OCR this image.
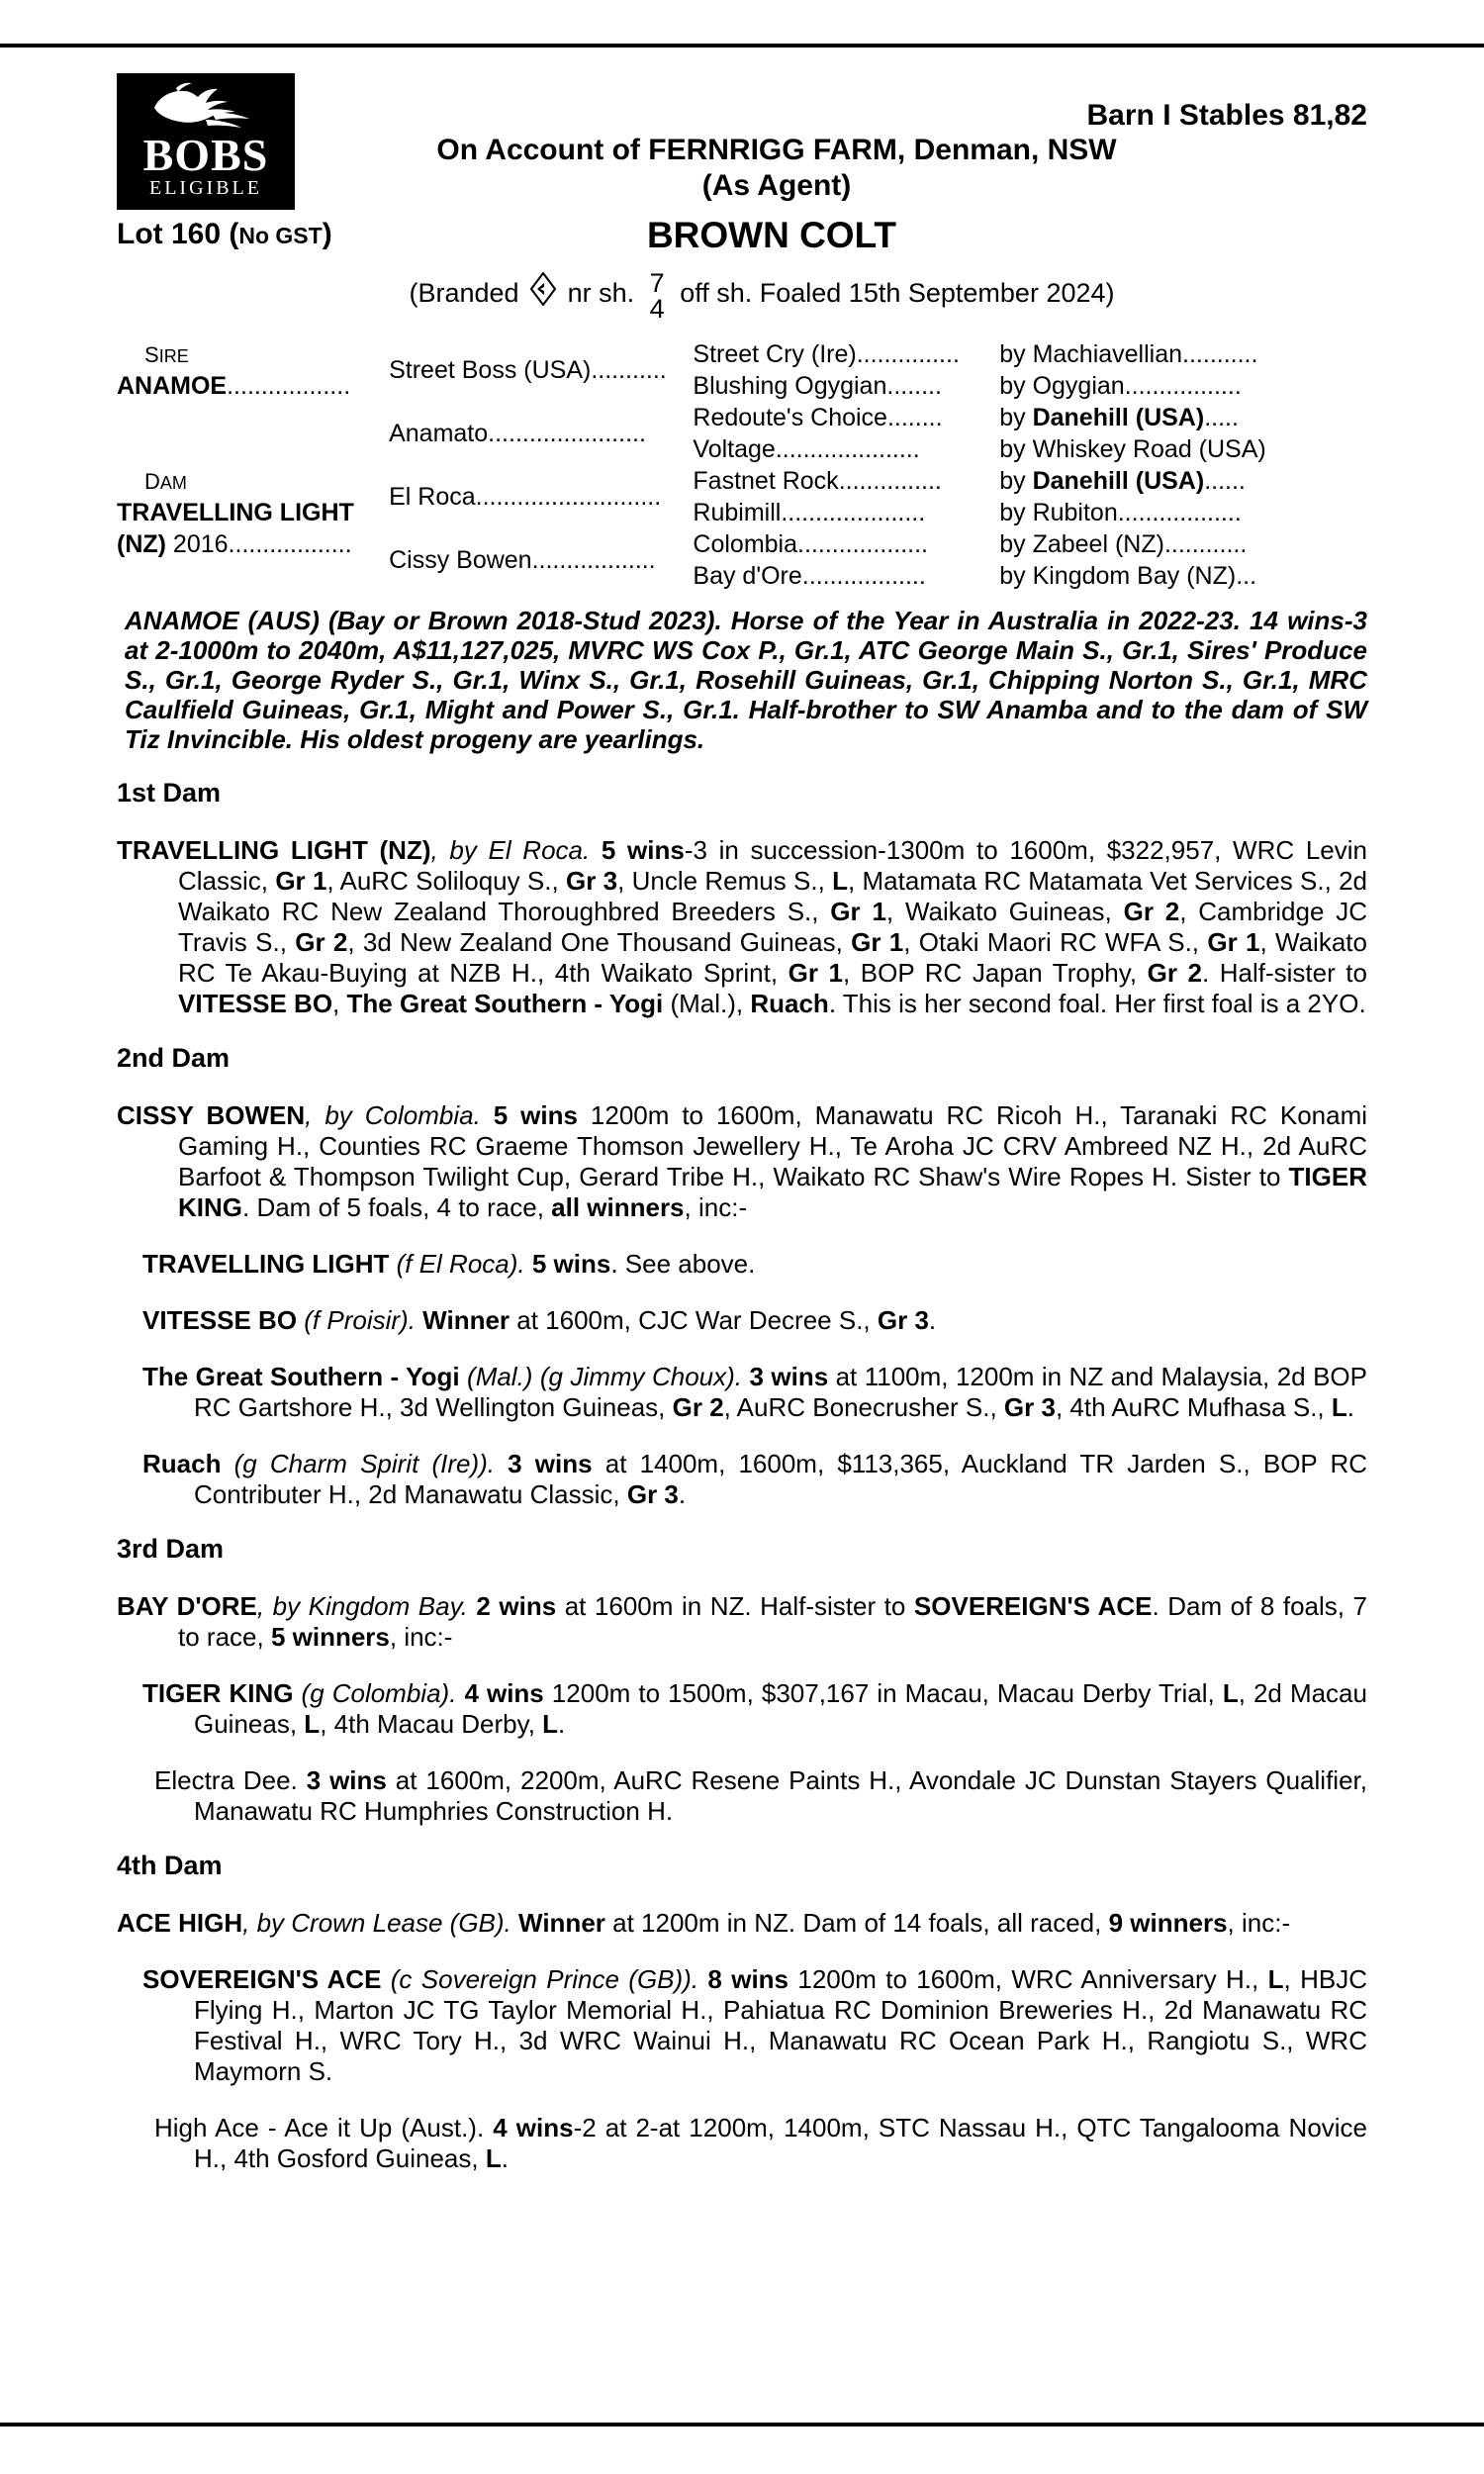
BOBS
ELIGIBLE
Barn I Stables 81,82
On Account of FERNRIGG FARM, Denman, NSW
(As Agent)
Lot 160 (No GST)	BROWN COLT
(Branded nr sh. 7
4
off sh. Foaled 15th September 2024)
SIRE	Street Boss (USA)...........	Street Cry (Ire)...............	by Machiavellian...........
ANAMOE..................		Blushing Ogygian........	by Ogygian.................
	Anamato.......................	Redoute's Choice........	by Danehill (USA).....
		Voltage.....................	by Whiskey Road (USA)
DAM	El Roca...........................	Fastnet Rock...............	by Danehill (USA)......
TRAVELLING LIGHT		Rubimill.....................	by Rubiton..................
(NZ) 2016..................	Cissy Bowen..................	Colombia...................	by Zabeel (NZ)............
		Bay d'Ore..................	by Kingdom Bay (NZ)...
ANAMOE (AUS) (Bay or Brown 2018-Stud 2023). Horse of the Year in Australia in 2022-23. 14 wins-3 at 2-1000m to 2040m, A$11,127,025, MVRC WS Cox P., Gr.1, ATC George Main S., Gr.1, Sires' Produce S., Gr.1, George Ryder S., Gr.1, Winx S., Gr.1, Rosehill Guineas, Gr.1, Chipping Norton S., Gr.1, MRC Caulfield Guineas, Gr.1, Might and Power S., Gr.1. Half-brother to SW Anamba and to the dam of SW Tiz Invincible. His oldest progeny are yearlings.
1st Dam

TRAVELLING LIGHT (NZ), by El Roca. 5 wins-3 in succession-1300m to 1600m, $322,957, WRC Levin Classic, Gr 1, AuRC Soliloquy S., Gr 3, Uncle Remus S., L, Matamata RC Matamata Vet Services S., 2d Waikato RC New Zealand Thoroughbred Breeders S., Gr 1, Waikato Guineas, Gr 2, Cambridge JC Travis S., Gr 2, 3d New Zealand One Thousand Guineas, Gr 1, Otaki Maori RC WFA S., Gr 1, Waikato RC Te Akau-Buying at NZB H., 4th Waikato Sprint, Gr 1, BOP RC Japan Trophy, Gr 2. Half-sister to VITESSE BO, The Great Southern - Yogi (Mal.), Ruach. This is her second foal. Her first foal is a 2YO.

2nd Dam

CISSY BOWEN, by Colombia. 5 wins 1200m to 1600m, Manawatu RC Ricoh H., Taranaki RC Konami Gaming H., Counties RC Graeme Thomson Jewellery H., Te Aroha JC CRV Ambreed NZ H., 2d AuRC Barfoot & Thompson Twilight Cup, Gerard Tribe H., Waikato RC Shaw's Wire Ropes H. Sister to TIGER KING. Dam of 5 foals, 4 to race, all winners, inc:-

TRAVELLING LIGHT (f El Roca). 5 wins. See above.

VITESSE BO (f Proisir). Winner at 1600m, CJC War Decree S., Gr 3.

The Great Southern - Yogi (Mal.) (g Jimmy Choux). 3 wins at 1100m, 1200m in NZ and Malaysia, 2d BOP RC Gartshore H., 3d Wellington Guineas, Gr 2, AuRC Bonecrusher S., Gr 3, 4th AuRC Mufhasa S., L.

Ruach (g Charm Spirit (Ire)). 3 wins at 1400m, 1600m, $113,365, Auckland TR Jarden S., BOP RC Contributer H., 2d Manawatu Classic, Gr 3.

3rd Dam

BAY D'ORE, by Kingdom Bay. 2 wins at 1600m in NZ. Half-sister to SOVEREIGN'S ACE. Dam of 8 foals, 7 to race, 5 winners, inc:-

TIGER KING (g Colombia). 4 wins 1200m to 1500m, $307,167 in Macau, Macau Derby Trial, L, 2d Macau Guineas, L, 4th Macau Derby, L.

Electra Dee. 3 wins at 1600m, 2200m, AuRC Resene Paints H., Avondale JC Dunstan Stayers Qualifier, Manawatu RC Humphries Construction H.

4th Dam

ACE HIGH, by Crown Lease (GB). Winner at 1200m in NZ. Dam of 14 foals, all raced, 9 winners, inc:-

SOVEREIGN'S ACE (c Sovereign Prince (GB)). 8 wins 1200m to 1600m, WRC Anniversary H., L, HBJC Flying H., Marton JC TG Taylor Memorial H., Pahiatua RC Dominion Breweries H., 2d Manawatu RC Festival H., WRC Tory H., 3d WRC Wainui H., Manawatu RC Ocean Park H., Rangiotu S., WRC Maymorn S.

High Ace - Ace it Up (Aust.). 4 wins-2 at 2-at 1200m, 1400m, STC Nassau H., QTC Tangalooma Novice H., 4th Gosford Guineas, L.
